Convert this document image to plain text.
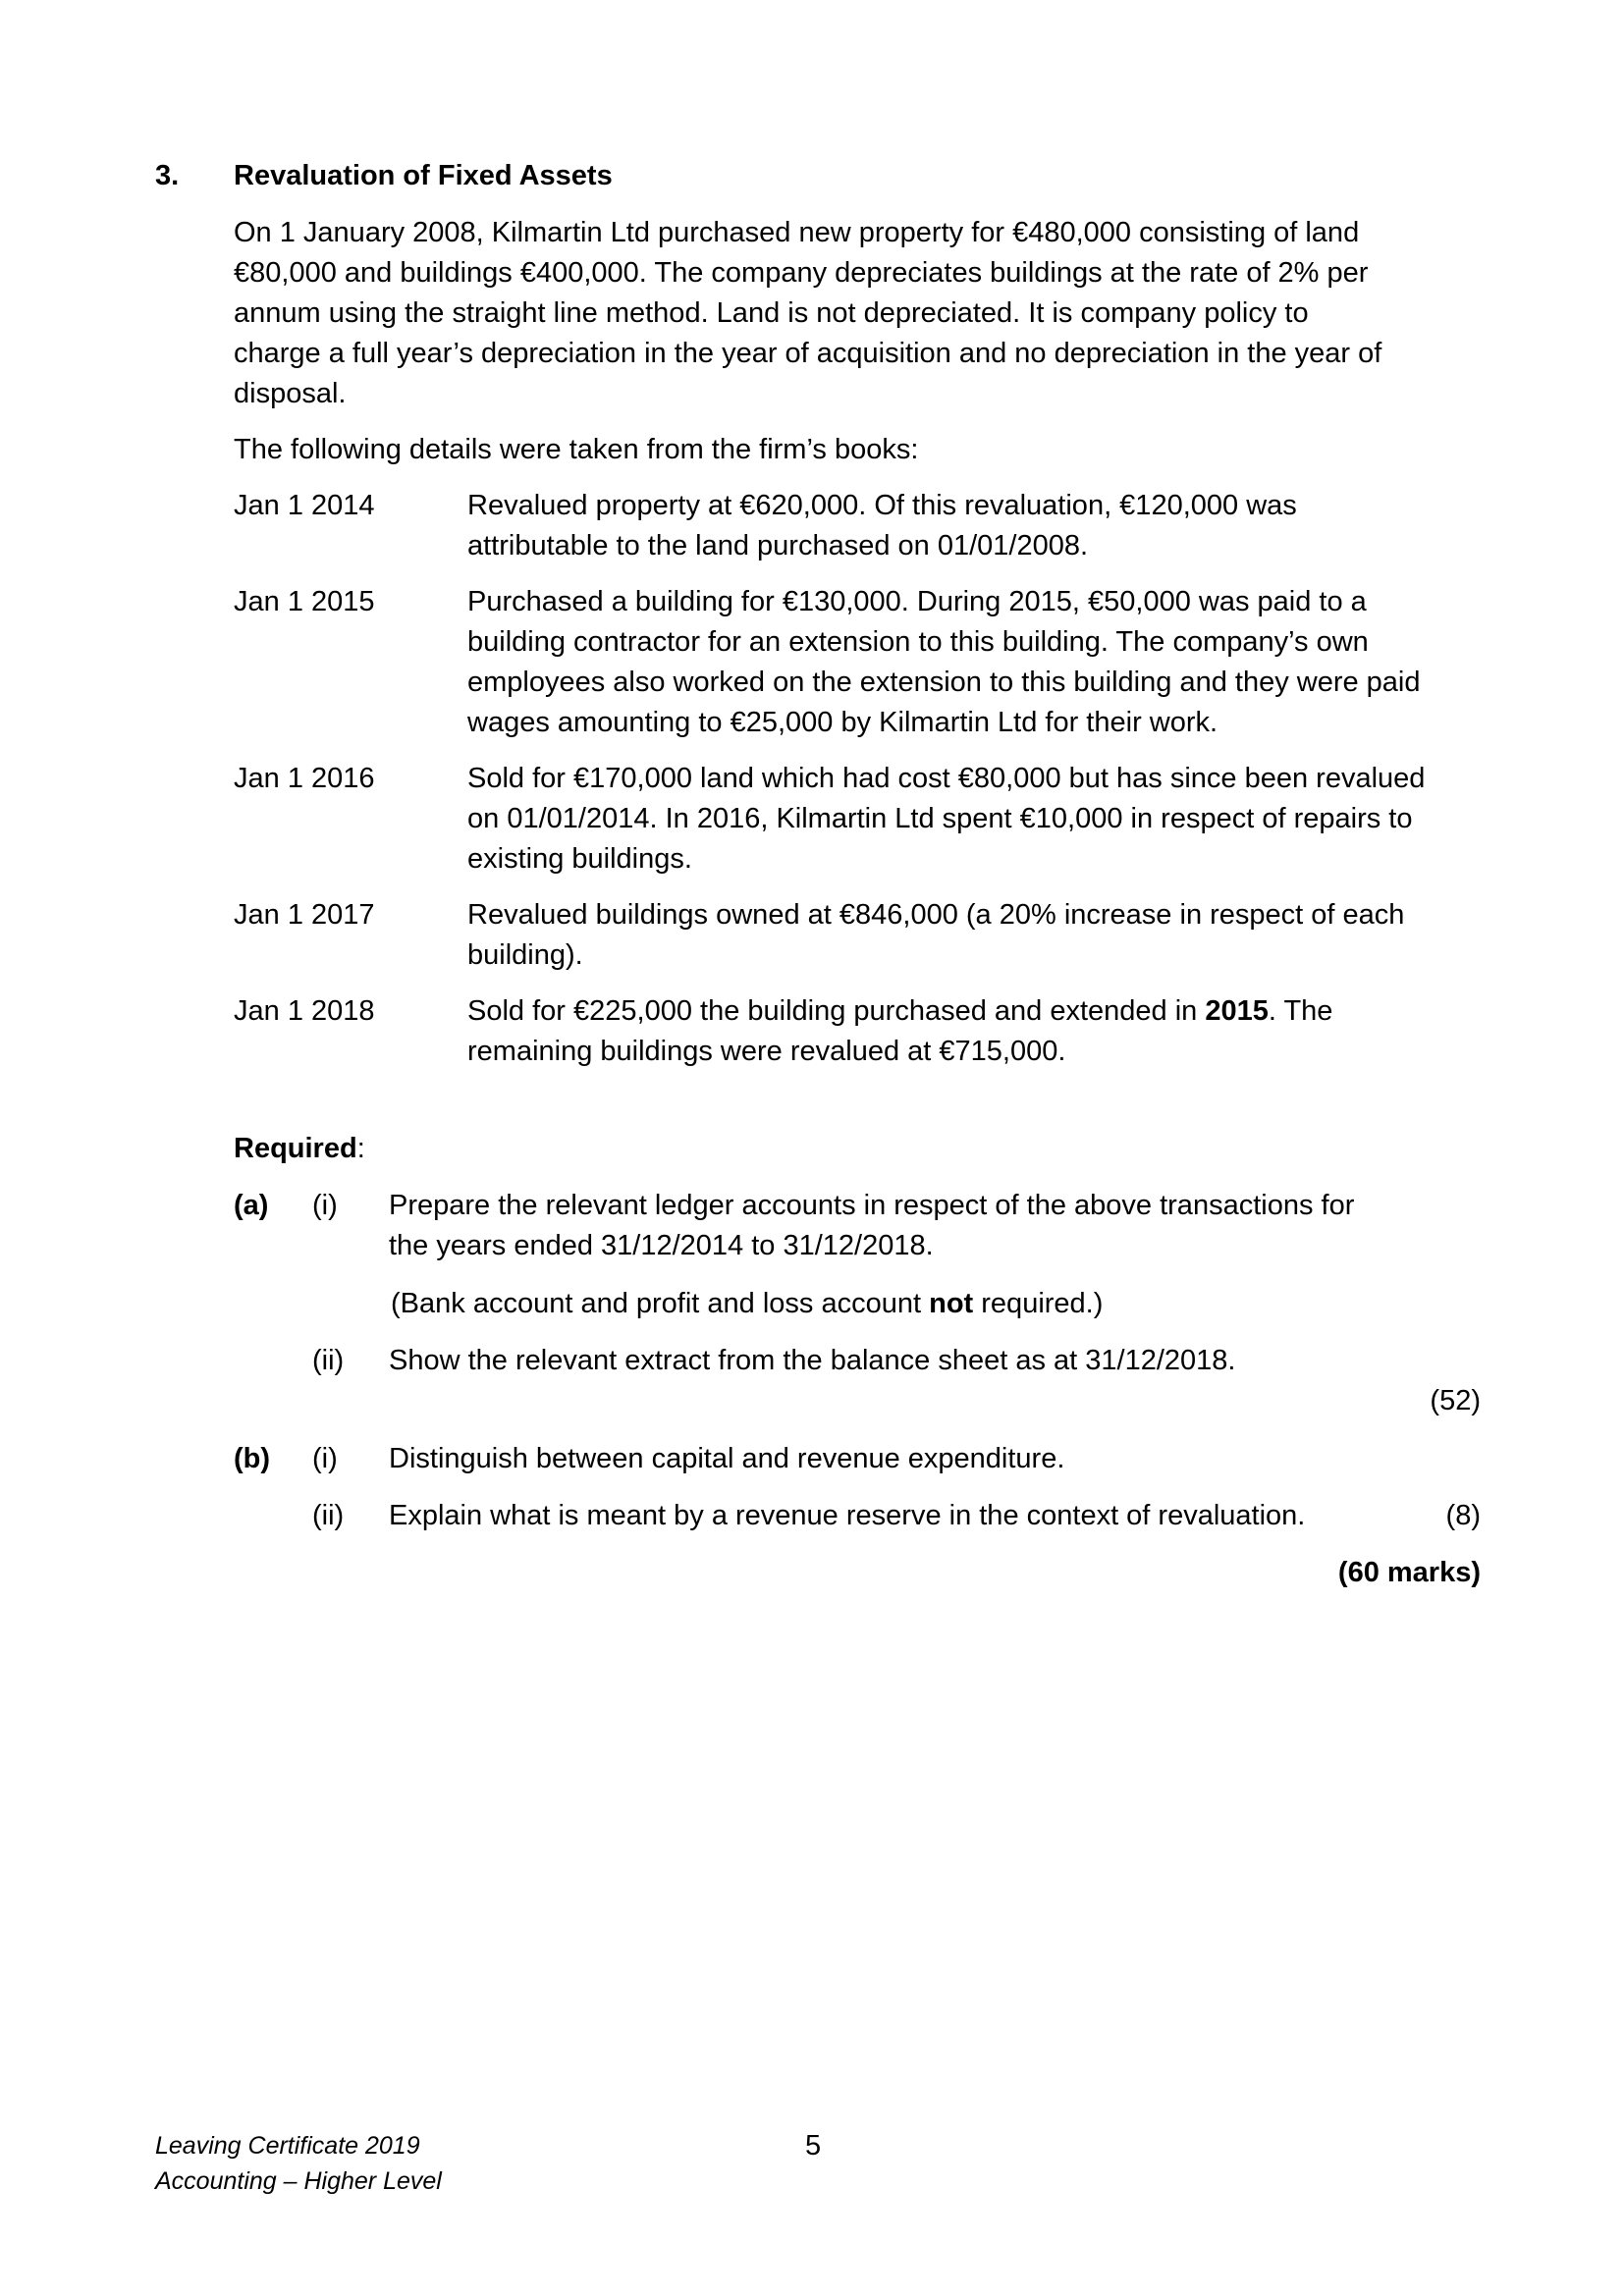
3. Revaluation of Fixed Assets

On 1 January 2008, Kilmartin Ltd purchased new property for €480,000 consisting of land €80,000 and buildings €400,000. The company depreciates buildings at the rate of 2% per annum using the straight line method. Land is not depreciated. It is company policy to charge a full year’s depreciation in the year of acquisition and no depreciation in the year of disposal.

The following details were taken from the firm’s books:

Jan 1 2014	Revalued property at €620,000. Of this revaluation, €120,000 was attributable to the land purchased on 01/01/2008.
Jan 1 2015	Purchased a building for €130,000. During 2015, €50,000 was paid to a building contractor for an extension to this building. The company’s own employees also worked on the extension to this building and they were paid wages amounting to €25,000 by Kilmartin Ltd for their work.
Jan 1 2016	Sold for €170,000 land which had cost €80,000 but has since been revalued on 01/01/2014. In 2016, Kilmartin Ltd spent €10,000 in respect of repairs to existing buildings.
Jan 1 2017	Revalued buildings owned at €846,000 (a 20% increase in respect of each building).
Jan 1 2018	Sold for €225,000 the building purchased and extended in 2015. The remaining buildings were revalued at €715,000.
Required:
(a)	(i)	Prepare the relevant ledger accounts in respect of the above transactions for the years ended 31/12/2014 to 31/12/2018.
(Bank account and profit and loss account not required.)
(ii)	Show the relevant extract from the balance sheet as at 31/12/2018.
(52)
(b)	(i)	Distinguish between capital and revenue expenditure.
(ii)	Explain what is meant by a revenue reserve in the context of revaluation.	(8)
(60 marks)
Leaving Certificate 2019
Accounting – Higher Level
5
